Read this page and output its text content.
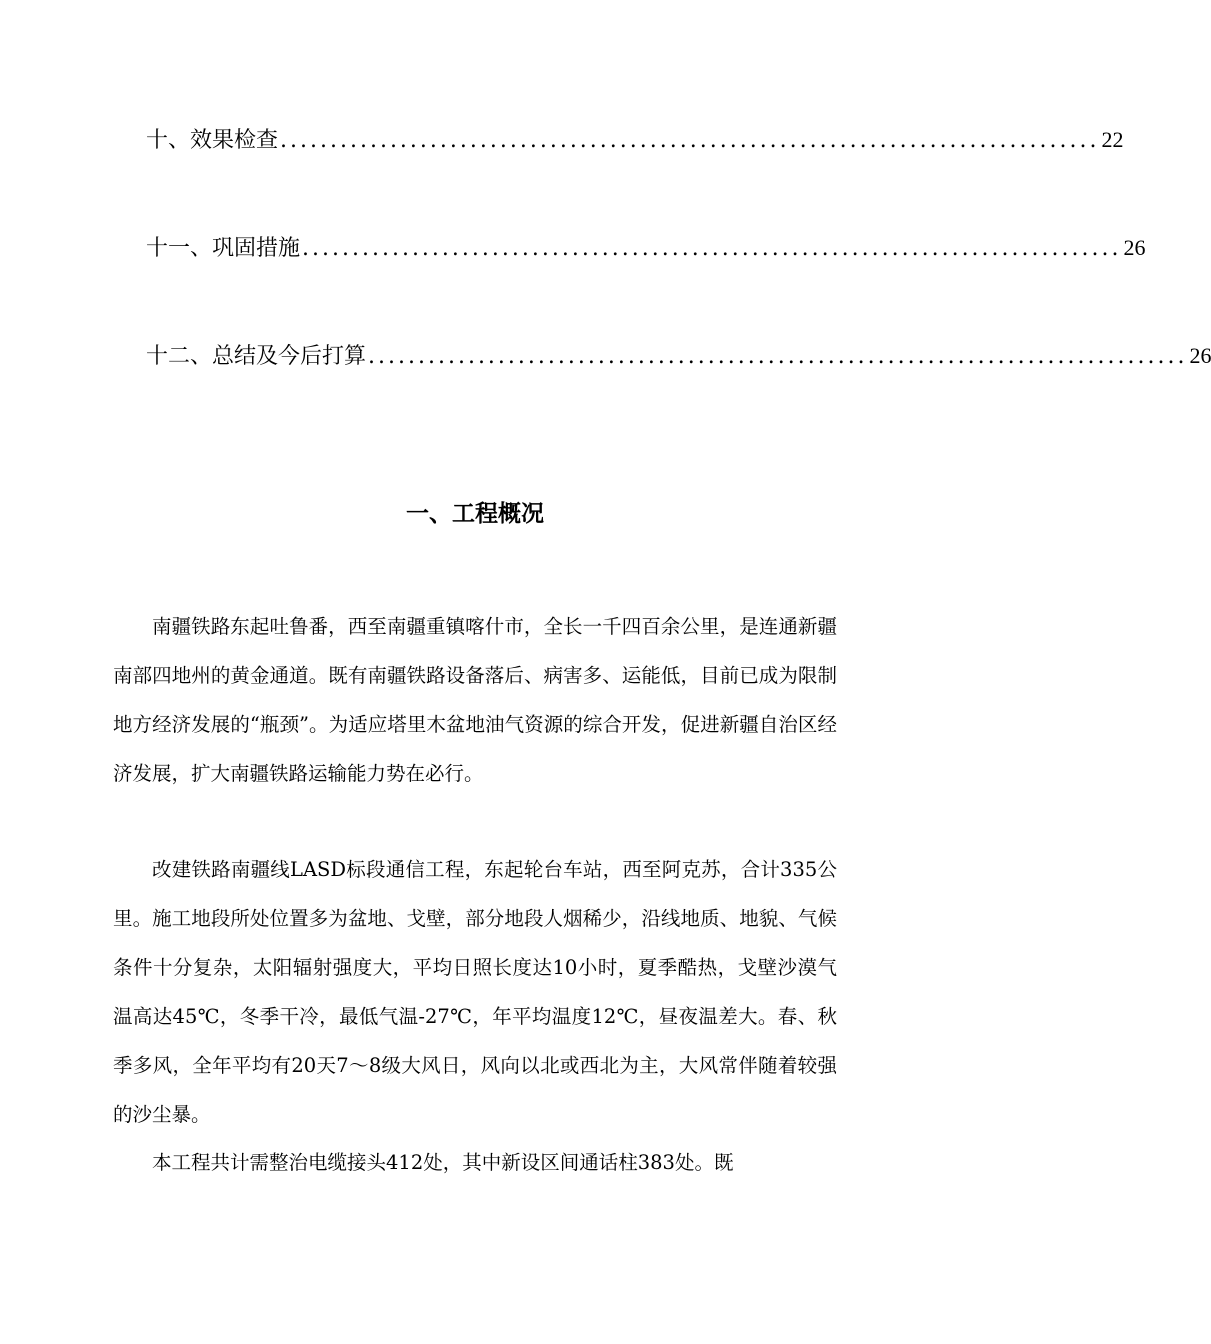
十、效果检查 .................................................................................. 22
十一、巩固措施 .................................................................................. 26
十二、总结及今后打算 .................................................................................. 26
一、工程概况

南疆铁路东起吐鲁番，西至南疆重镇喀什市，全长一千四百余公里，是连通新疆南部四地州的黄金通道。既有南疆铁路设备落后、病害多、运能低，目前已成为限制地方经济发展的“瓶颈”。为适应塔里木盆地油气资源的综合开发，促进新疆自治区经济发展，扩大南疆铁路运输能力势在必行。

改建铁路南疆线LASD标段通信工程，东起轮台车站，西至阿克苏，合计335公里。施工地段所处位置多为盆地、戈壁，部分地段人烟稀少，沿线地质、地貌、气候条件十分复杂，太阳辐射强度大，平均日照长度达10小时，夏季酷热，戈壁沙漠气温高达45℃，冬季干冷，最低气温-27℃，年平均温度12℃，昼夜温差大。春、秋季多风，全年平均有20天7～8级大风日，风向以北或西北为主，大风常伴随着较强的沙尘暴。

本工程共计需整治电缆接头412处，其中新设区间通话柱383处。既
